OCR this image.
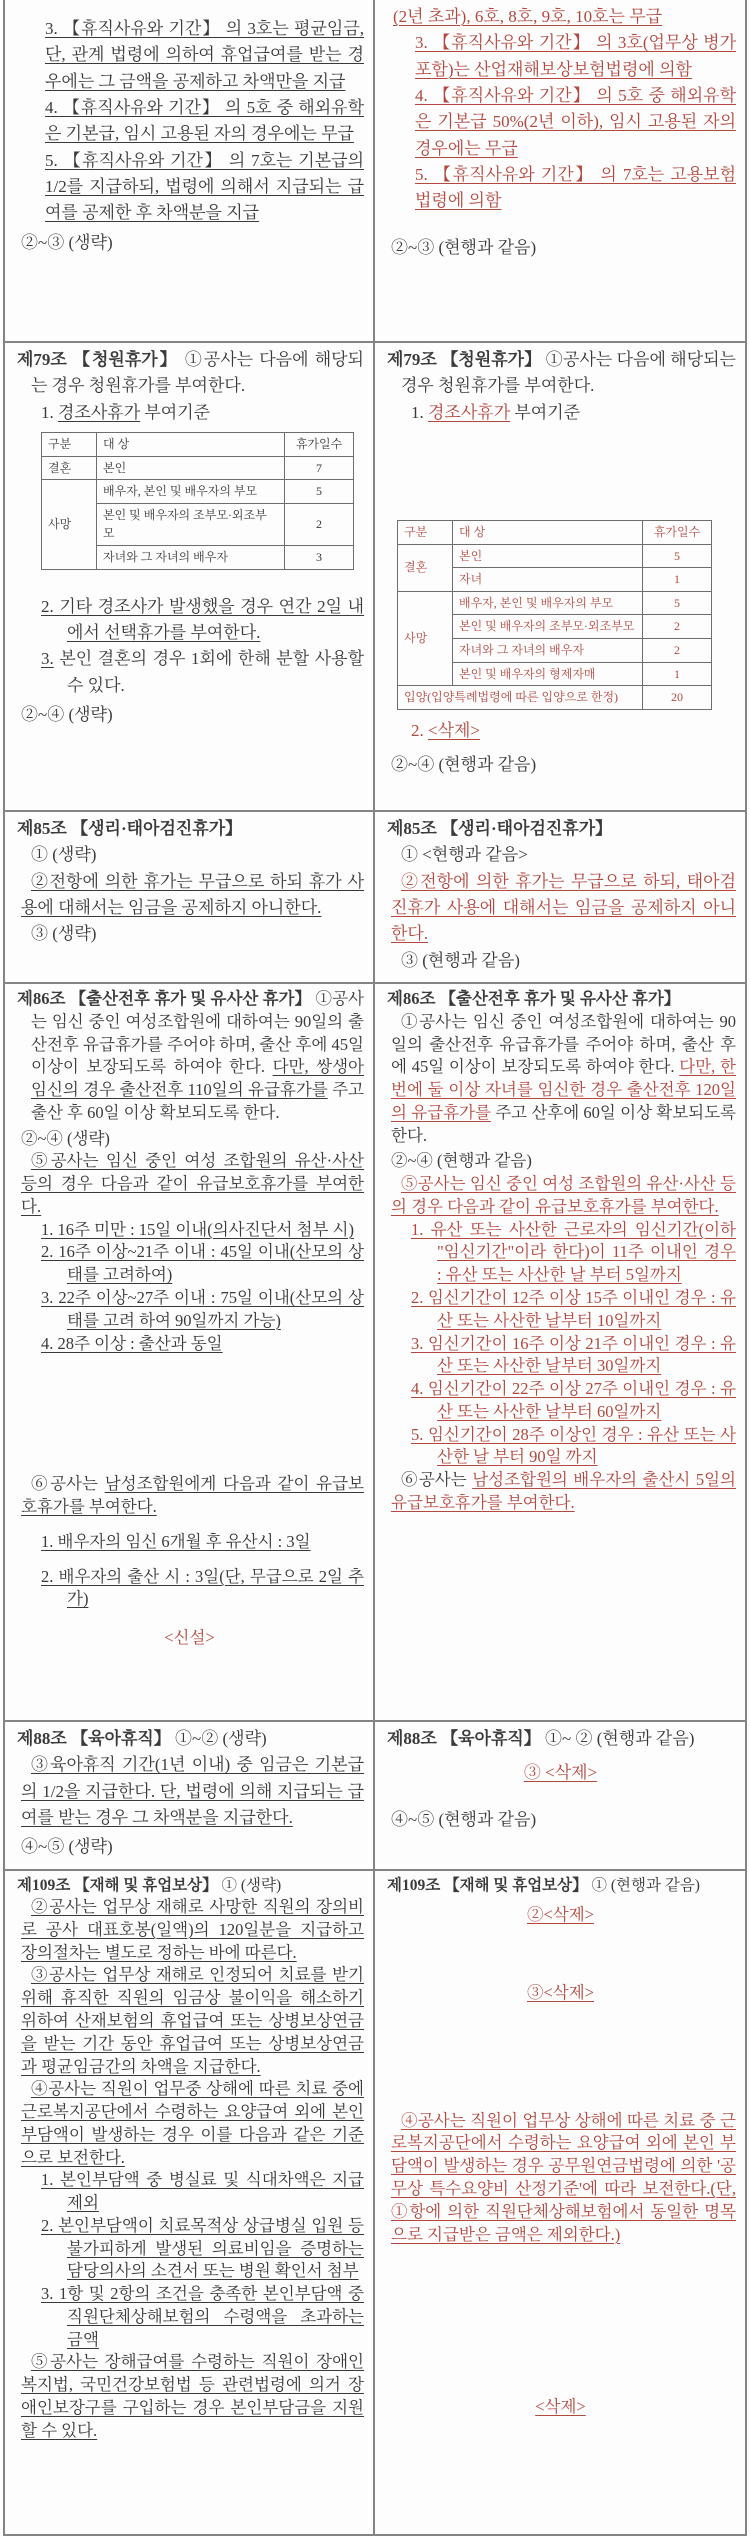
3. 【휴직사유와 기간】 의 3호는 평균임금, 단, 관계 법령에 의하여 휴업급여를 받는 경우에는 그 금액을 공제하고 차액만을 지급

4. 【휴직사유와 기간】 의 5호 중 해외유학은 기본급, 임시 고용된 자의 경우에는 무급

5. 【휴직사유와 기간】 의 7호는 기본급의 1/2를 지급하되, 법령에 의해서 지급되는 급여를 공제한 후 차액분을 지급

②~③ (생략)

(2년 초과), 6호, 8호, 9호, 10호는 무급

3. 【휴직사유와 기간】 의 3호(업무상 병가 포함)는 산업재해보상보험법령에 의함

4. 【휴직사유와 기간】 의 5호 중 해외유학은 기본급 50%(2년 이하), 임시 고용된 자의 경우에는 무급

5. 【휴직사유와 기간】 의 7호는 고용보험법령에 의함

②~③ (현행과 같음)

제79조 【청원휴가】 ①공사는 다음에 해당되는 경우 청원휴가를 부여한다.

1. 경조사휴가 부여기준

구분	대 상	휴가일수
결혼	본인	7
사망	배우자, 본인 및 배우자의 부모	5
	본인 및 배우자의 조부모·외조부모	2
	자녀와 그 자녀의 배우자	3

2. 기타 경조사가 발생했을 경우 연간 2일 내에서 선택휴가를 부여한다.

3. 본인 결혼의 경우 1회에 한해 분할 사용할 수 있다.

②~④ (생략)

제79조 【청원휴가】 ①공사는 다음에 해당되는 경우 청원휴가를 부여한다.

1. 경조사휴가 부여기준

구분	대 상	휴가일수
결혼	본인	5
	자녀	1
사망	배우자, 본인 및 배우자의 부모	5
	본인 및 배우자의 조부모·외조부모	2
	자녀와 그 자녀의 배우자	2
	본인 및 배우자의 형제자매	1
입양(입양특례법령에 따른 입양으로 한정)		20

2. <삭제>

②~④ (현행과 같음)

제85조 【생리·태아검진휴가】

① (생략)

②전항에 의한 휴가는 무급으로 하되 휴가 사용에 대해서는 임금을 공제하지 아니한다.

③ (생략)

제85조 【생리·태아검진휴가】

① <현행과 같음>

②전항에 의한 휴가는 무급으로 하되, 태아검진휴가 사용에 대해서는 임금을 공제하지 아니한다.

③ (현행과 같음)

제86조 【출산전후 휴가 및 유사산 휴가】 ①공사는 임신 중인 여성조합원에 대하여는 90일의 출산전후 유급휴가를 주어야 하며, 출산 후에 45일 이상이 보장되도록 하여야 한다. 다만, 쌍생아 임신의 경우 출산전후 110일의 유급휴가를 주고 출산 후 60일 이상 확보되도록 한다.

②~④ (생략)

⑤공사는 임신 중인 여성 조합원의 유산·사산 등의 경우 다음과 같이 유급보호휴가를 부여한다.

1. 16주 미만 : 15일 이내(의사진단서 첨부 시)

2. 16주 이상~21주 이내 : 45일 이내(산모의 상태를 고려하여)

3. 22주 이상~27주 이내 : 75일 이내(산모의 상태를 고려 하여 90일까지 가능)

4. 28주 이상 : 출산과 동일

⑥공사는 남성조합원에게 다음과 같이 유급보호휴가를 부여한다.

1. 배우자의 임신 6개월 후 유산시 : 3일

2. 배우자의 출산 시 : 3일(단, 무급으로 2일 추가)

<신설>

제86조 【출산전후 휴가 및 유사산 휴가】

①공사는 임신 중인 여성조합원에 대하여는 90일의 출산전후 유급휴가를 주어야 하며, 출산 후에 45일 이상이 보장되도록 하여야 한다. 다만, 한 번에 둘 이상 자녀를 임신한 경우 출산전후 120일의 유급휴가를 주고 산후에 60일 이상 확보되도록 한다.

②~④ (현행과 같음)

⑤공사는 임신 중인 여성 조합원의 유산·사산 등의 경우 다음과 같이 유급보호휴가를 부여한다.

1. 유산 또는 사산한 근로자의 임신기간(이하 "임신기간"이라 한다)이 11주 이내인 경우 : 유산 또는 사산한 날 부터 5일까지

2. 임신기간이 12주 이상 15주 이내인 경우 : 유산 또는 사산한 날부터 10일까지

3. 임신기간이 16주 이상 21주 이내인 경우 : 유산 또는 사산한 날부터 30일까지

4. 임신기간이 22주 이상 27주 이내인 경우 : 유산 또는 사산한 날부터 60일까지

5. 임신기간이 28주 이상인 경우 : 유산 또는 사산한 날 부터 90일 까지

⑥공사는 남성조합원의 배우자의 출산시 5일의 유급보호휴가를 부여한다.

제88조 【육아휴직】 ①~② (생략)

③육아휴직 기간(1년 이내) 중 임금은 기본급의 1/2을 지급한다. 단, 법령에 의해 지급되는 급여를 받는 경우 그 차액분을 지급한다.

④~⑤ (생략)

제88조 【육아휴직】 ①~ ② (현행과 같음)

③ <삭제>

④~⑤ (현행과 같음)

제109조 【재해 및 휴업보상】 ① (생략)

②공사는 업무상 재해로 사망한 직원의 장의비로 공사 대표호봉(일액)의 120일분을 지급하고 장의절차는 별도로 정하는 바에 따른다.

③공사는 업무상 재해로 인정되어 치료를 받기 위해 휴직한 직원의 임금상 불이익을 해소하기 위하여 산재보험의 휴업급여 또는 상병보상연금을 받는 기간 동안 휴업급여 또는 상병보상연금과 평균임금간의 차액을 지급한다.

④공사는 직원이 업무중 상해에 따른 치료 중에 근로복지공단에서 수령하는 요양급여 외에 본인부담액이 발생하는 경우 이를 다음과 같은 기준으로 보전한다.

1. 본인부담액 중 병실료 및 식대차액은 지급 제외

2. 본인부담액이 치료목적상 상급병실 입원 등 불가피하게 발생된 의료비임을 증명하는 담당의사의 소견서 또는 병원 확인서 첨부

3. 1항 및 2항의 조건을 충족한 본인부담액 중 직원단체상해보험의 수령액을 초과하는 금액

⑤공사는 장해급여를 수령하는 직원이 장애인복지법, 국민건강보험법 등 관련법령에 의거 장애인보장구를 구입하는 경우 본인부담금을 지원할 수 있다.

제109조 【재해 및 휴업보상】 ① (현행과 같음)

②<삭제>

③<삭제>

④공사는 직원이 업무상 상해에 따른 치료 중 근로복지공단에서 수령하는 요양급여 외에 본인 부담액이 발생하는 경우 공무원연금법령에 의한 '공무상 특수요양비 산정기준'에 따라 보전한다.(단, ①항에 의한 직원단체상해보험에서 동일한 명목으로 지급받은 금액은 제외한다.)

<삭제>
